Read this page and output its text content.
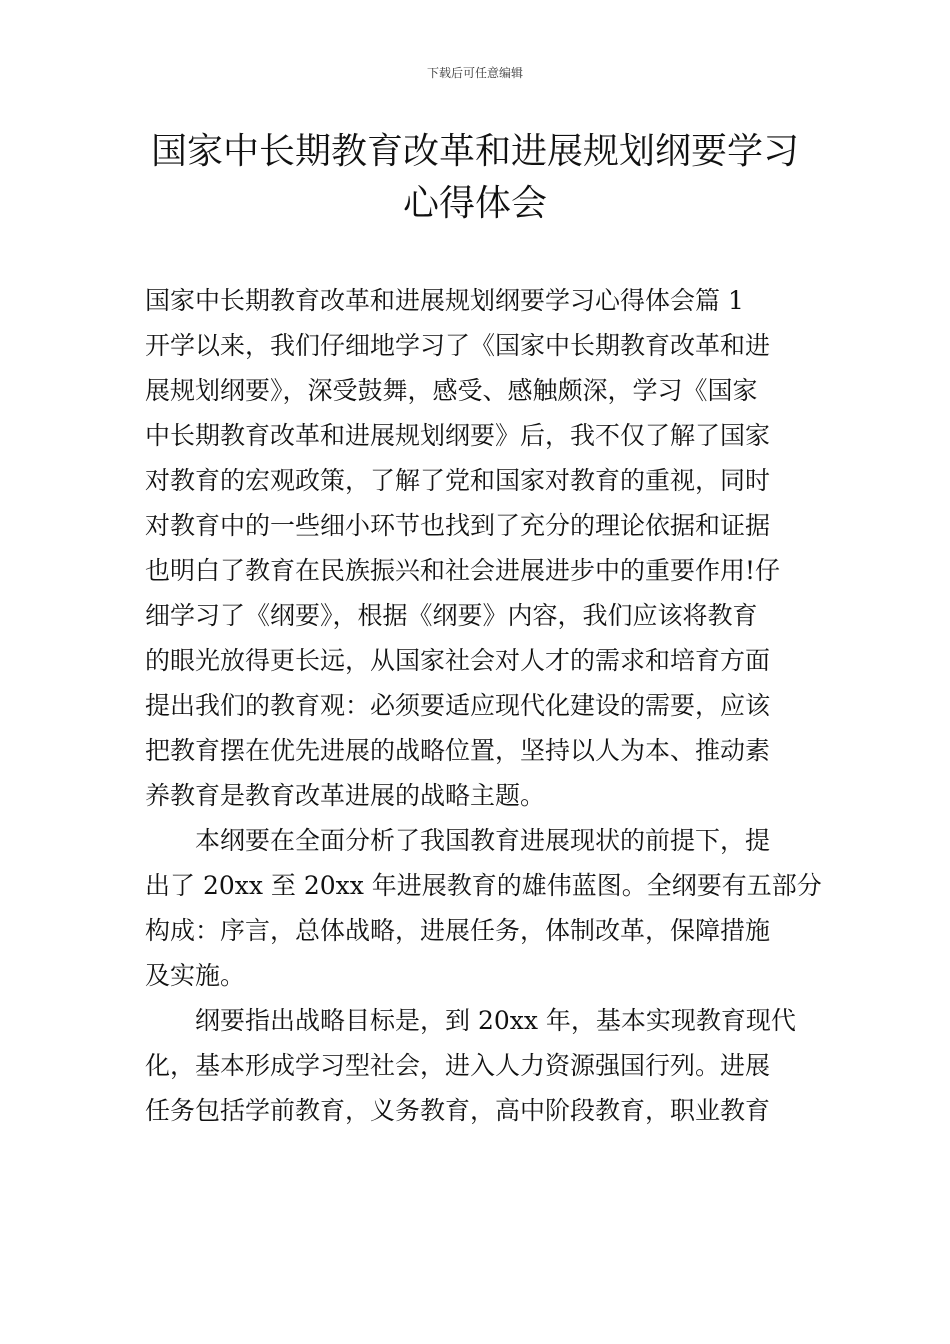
下载后可任意编辑
国家中长期教育改革和进展规划纲要学习
心得体会
国家中长期教育改革和进展规划纲要学习心得体会篇 1
开学以来，我们仔细地学习了《国家中长期教育改革和进
展规划纲要》，深受鼓舞，感受、感触颇深，学习《国家
中长期教育改革和进展规划纲要》后，我不仅了解了国家
对教育的宏观政策，了解了党和国家对教育的重视，同时
对教育中的一些细小环节也找到了充分的理论依据和证据
也明白了教育在民族振兴和社会进展进步中的重要作用!仔
细学习了《纲要》，根据《纲要》内容，我们应该将教育
的眼光放得更长远，从国家社会对人才的需求和培育方面
提出我们的教育观：必须要适应现代化建设的需要，应该
把教育摆在优先进展的战略位置，坚持以人为本、推动素
养教育是教育改革进展的战略主题。
　　本纲要在全面分析了我国教育进展现状的前提下，提
出了 20xx 至 20xx 年进展教育的雄伟蓝图。全纲要有五部分
构成：序言，总体战略，进展任务，体制改革，保障措施
及实施。
　　纲要指出战略目标是，到 20xx 年，基本实现教育现代
化，基本形成学习型社会，进入人力资源强国行列。进展
任务包括学前教育，义务教育，高中阶段教育，职业教育
